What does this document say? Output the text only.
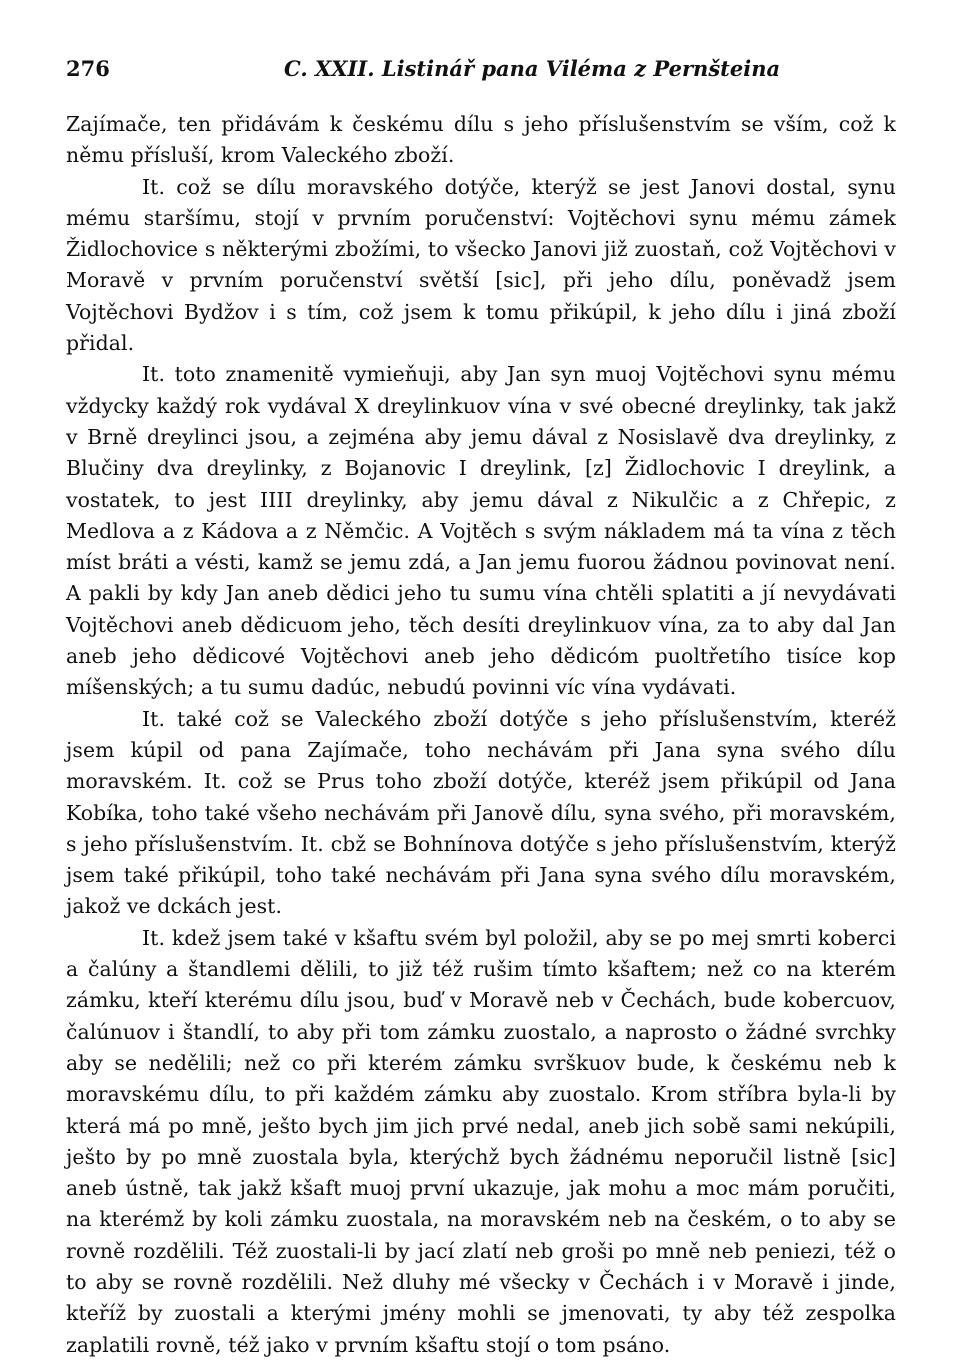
276	C. XXII. Listinář pana Viléma z Pernšteina

Zajímače, ten přidávám k českému dílu s jeho příslušenstvím se vším, což k němu přísluší, krom Valeckého zboží.

It. což se dílu moravského dotýče, kterýž se jest Janovi dostal, synu mému staršímu, stojí v prvním poručenství: Vojtěchovi synu mému zámek Židlochovice s některými zbožími, to všecko Janovi již zuostaň, což Vojtěchovi v Moravě v prvním poručenství světší [sic], při jeho dílu, poněvadž jsem Vojtěchovi Bydžov i s tím, což jsem k tomu přikúpil, k jeho dílu i jiná zboží přidal.

It. toto znamenitě vymieňuji, aby Jan syn muoj Vojtěchovi synu mému vždycky každý rok vydával X dreylinkuov vína v své obecné dreylinky, tak jakž v Brně dreylinci jsou, a zejména aby jemu dával z Nosislavě dva dreylinky, z Blučiny dva dreylinky, z Bojanovic I dreylink, [z] Židlochovic I dreylink, a vostatek, to jest IIII dreylinky, aby jemu dával z Nikulčic a z Chřepic, z Medlova a z Kádova a z Němčic. A Vojtěch s svým nákladem má ta vína z těch míst bráti a vésti, kamž se jemu zdá, a Jan jemu fuorou žádnou povinovat není. A pakli by kdy Jan aneb dědici jeho tu sumu vína chtěli splatiti a jí nevydávati Vojtěchovi aneb dědicuom jeho, těch desíti dreylinkuov vína, za to aby dal Jan aneb jeho dědicové Vojtěchovi aneb jeho dědicóm puoltřetího tisíce kop míšenských; a tu sumu dadúc, nebudú povinni víc vína vydávati.

It. také což se Valeckého zboží dotýče s jeho příslušenstvím, kteréž jsem kúpil od pana Zajímače, toho nechávám při Jana syna svého dílu moravském. It. což se Prus toho zboží dotýče, kteréž jsem přikúpil od Jana Kobíka, toho také všeho nechávám při Janově dílu, syna svého, při moravském, s jeho příslušenstvím. It. cbž se Bohnínova dotýče s jeho příslušenstvím, kterýž jsem také přikúpil, toho také nechávám při Jana syna svého dílu moravském, jakož ve dckách jest.

It. kdež jsem také v kšaftu svém byl položil, aby se po mej smrti koberci a čalúny a štandlemi dělili, to již též rušim tímto kšaftem; než co na kterém zámku, kteří kterému dílu jsou, buď v Moravě neb v Čechách, bude kobercuov, čalúnuov i štandlí, to aby při tom zámku zuostalo, a naprosto o žádné svrchky aby se nedělili; než co při kterém zámku svrškuov bude, k českému neb k moravskému dílu, to při každém zámku aby zuostalo. Krom stříbra byla-li by která má po mně, ješto bych jim jich prvé nedal, aneb jich sobě sami nekúpili, ješto by po mně zuostala byla, kterýchž bych žádnému neporučil listně [sic] aneb ústně, tak jakž kšaft muoj první ukazuje, jak mohu a moc mám poručiti, na kterémž by koli zámku zuostala, na moravském neb na českém, o to aby se rovně rozdělili. Též zuostali-li by jací zlatí neb groši po mně neb peniezi, též o to aby se rovně rozdělili. Než dluhy mé všecky v Čechách i v Moravě i jinde, kteříž by zuostali a kterými jmény mohli se jmenovati, ty aby též zespolka zaplatili rovně, též jako v prvním kšaftu stojí o tom psáno.
